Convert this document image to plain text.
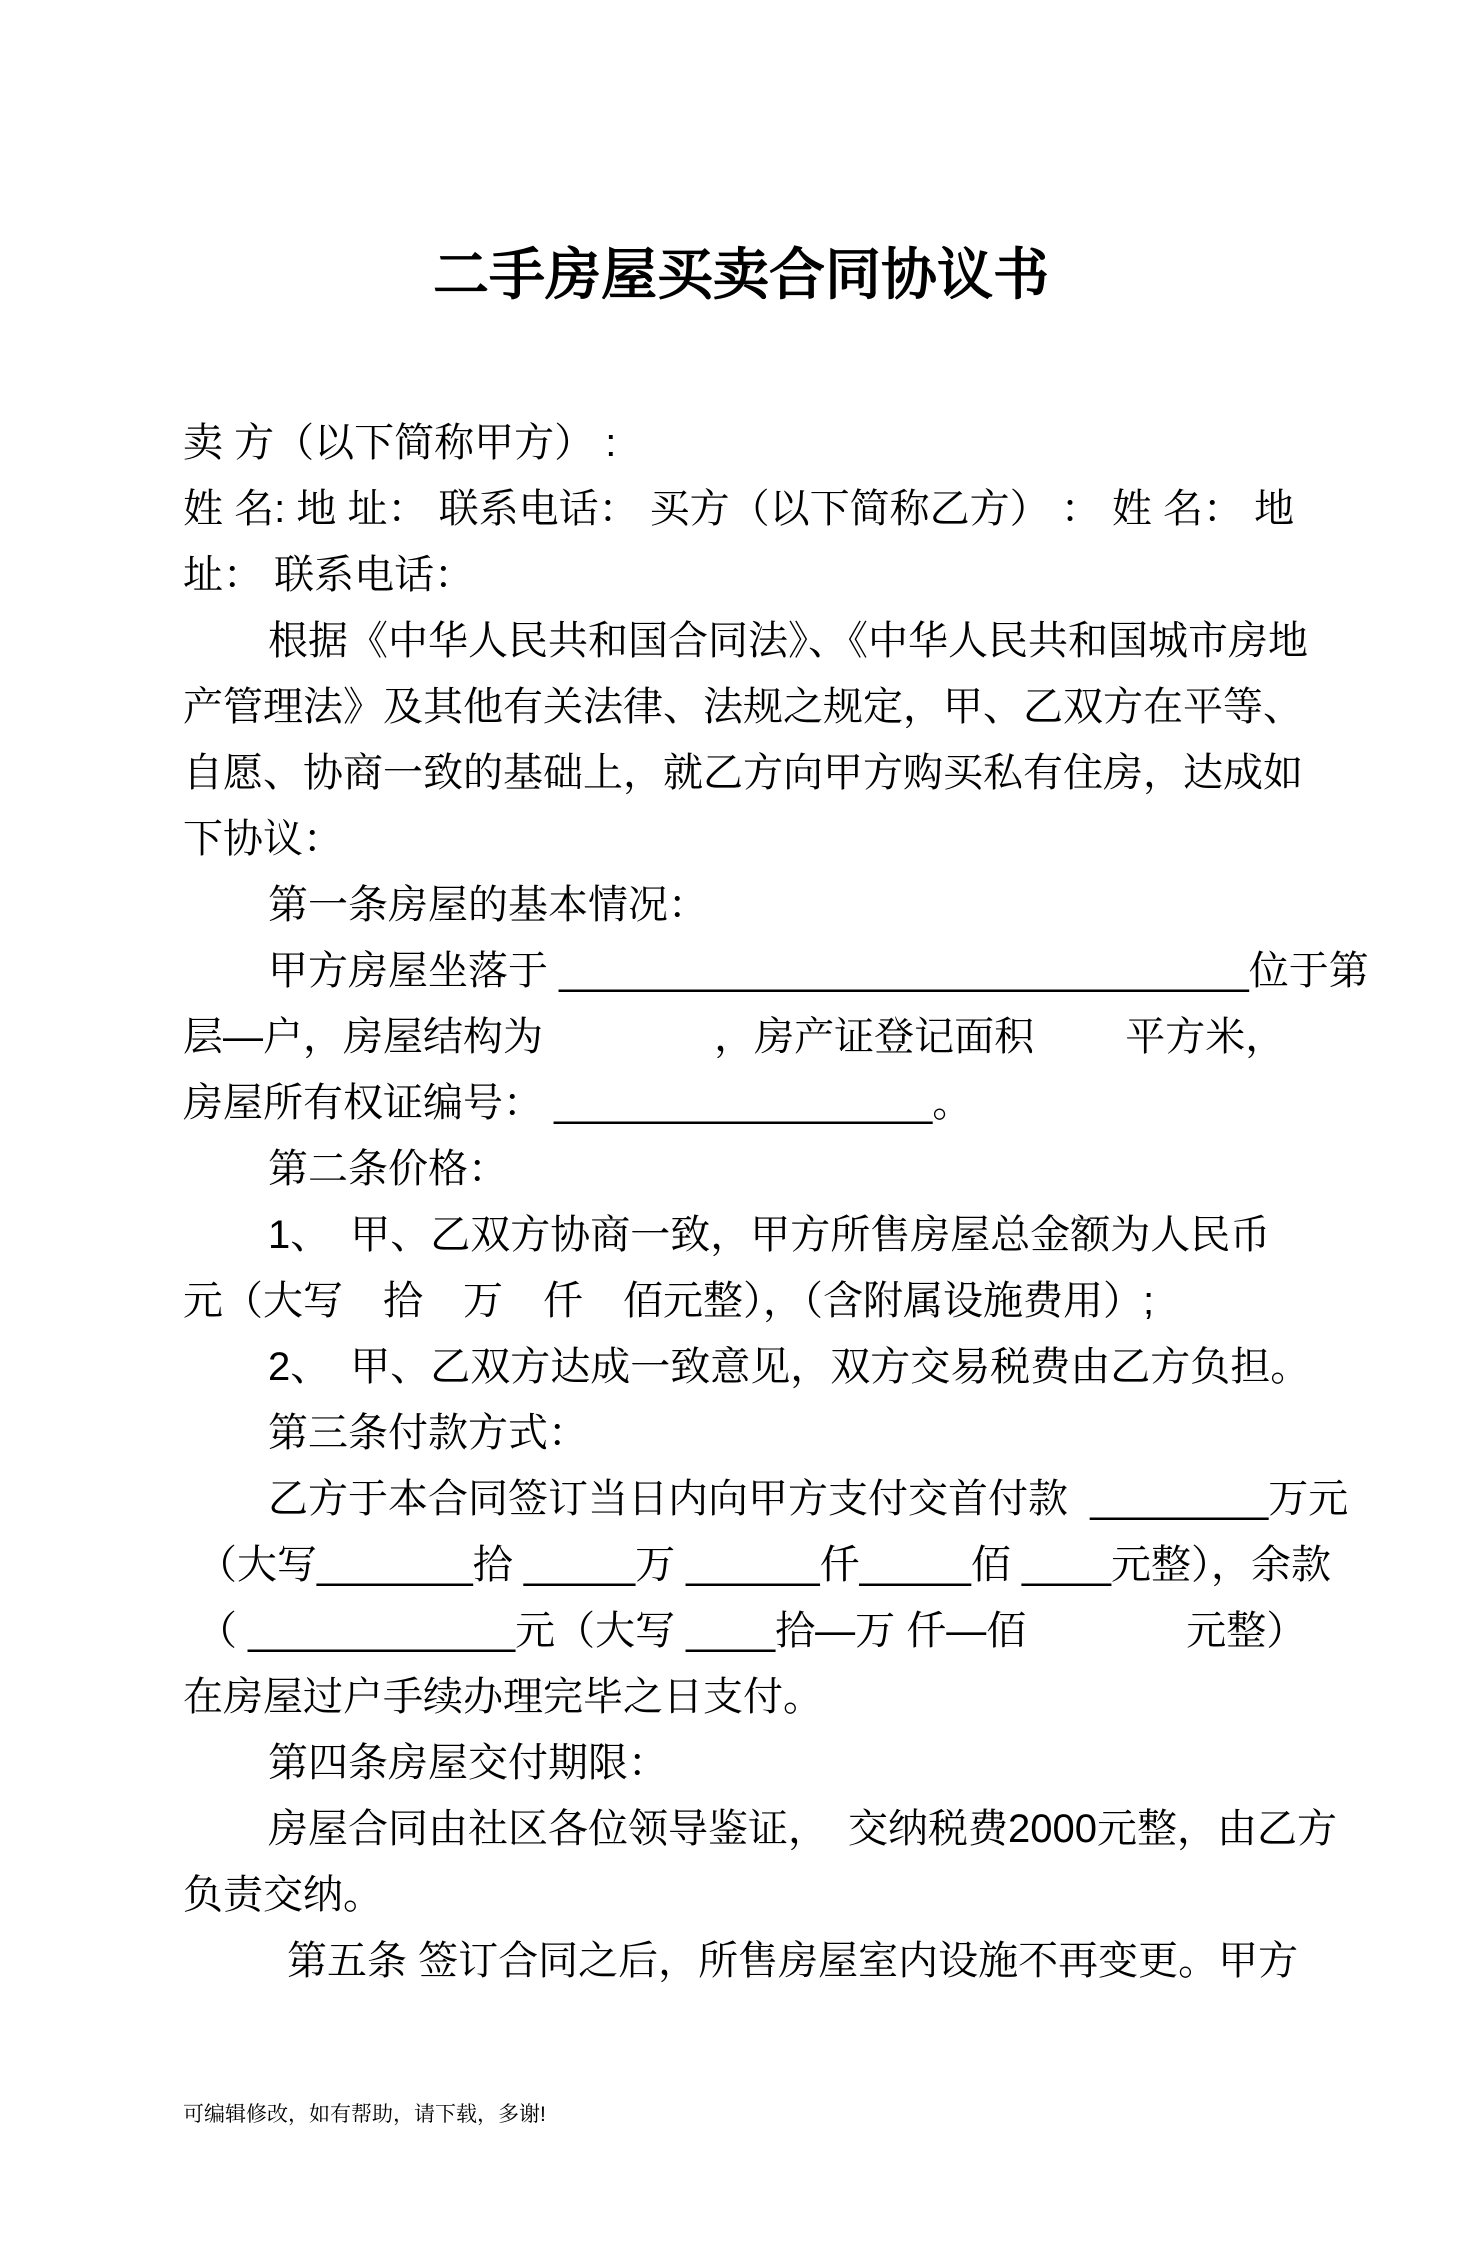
二手房屋买卖合同协议书
卖 方（以下简称甲方） :
姓 名: 地 址： 联系电话： 买方（以下简称乙方） ： 姓 名： 地
址： 联系电话：
根据《中华人民共和国合同法》、《中华人民共和国城市房地
产管理法》及其他有关法律、法规之规定，甲、乙双方在平等、
自愿、协商一致的基础上，就乙方向甲方购买私有住房，达成如
下协议：
第一条房屋的基本情况：
甲方房屋坐落于 _______________________________位于第
层—户，房屋结构为　　　　 ，房产证登记面积　　 平方米，
房屋所有权证编号： _________________。
第二条价格：
1、　甲、乙双方协商一致，甲方所售房屋总金额为人民币
元（大写　拾　万　仟　佰元整），（含附属设施费用）;
2、　甲、乙双方达成一致意见，双方交易税费由乙方负担。
第三条付款方式：
乙方于本合同签订当日内向甲方支付交首付款  ________万元
（大写_______拾 _____万 ______仟_____佰 ____元整），余款
（ ____________元（大写 ____拾—万 仟—佰　　　　元整）
在房屋过户手续办理完毕之日支付。
第四条房屋交付期限：
房屋合同由社区各位领导鉴证，　交纳税费2000元整，由乙方
负责交纳。
第五条 签订合同之后，所售房屋室内设施不再变更。甲方
可编辑修改，如有帮助，请下载，多谢!
